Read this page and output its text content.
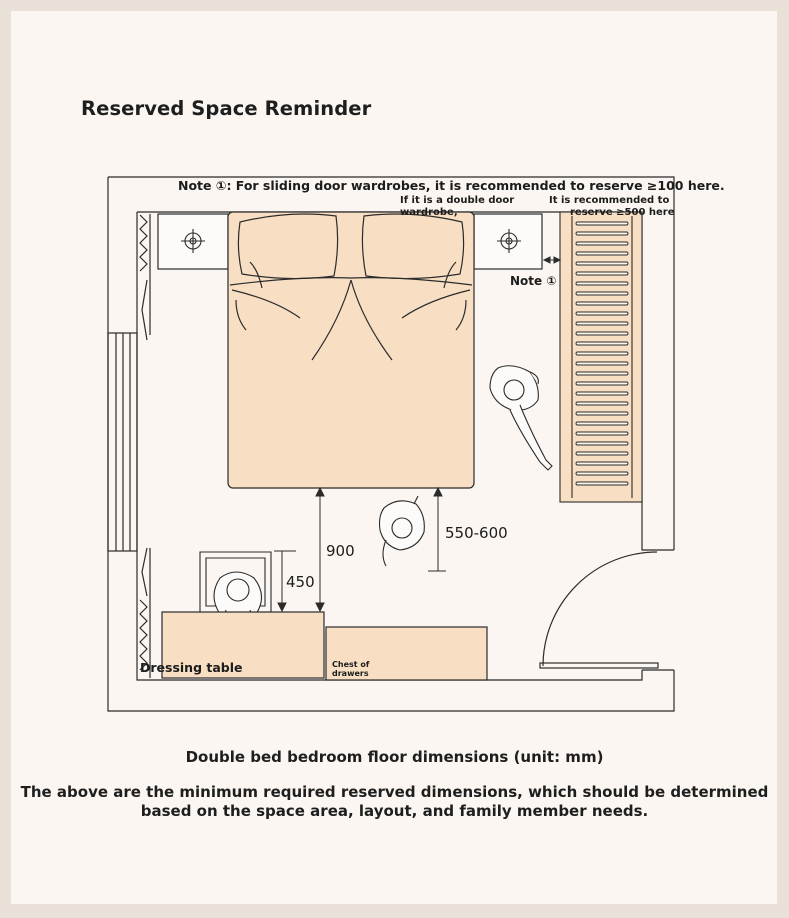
Reserved Space Reminder
Note ①: For sliding door wardrobes, it is recommended to reserve ≥100 here.
If it is a double door
wardrobe,
It is recommended to
reserve ≥500 here
Note ①
Dressing table	Chest of
drawers
900
550-600
450
Double bed bedroom floor dimensions (unit: mm)
The above are the minimum required reserved dimensions, which should be determined based on the space area, layout, and family member needs.
